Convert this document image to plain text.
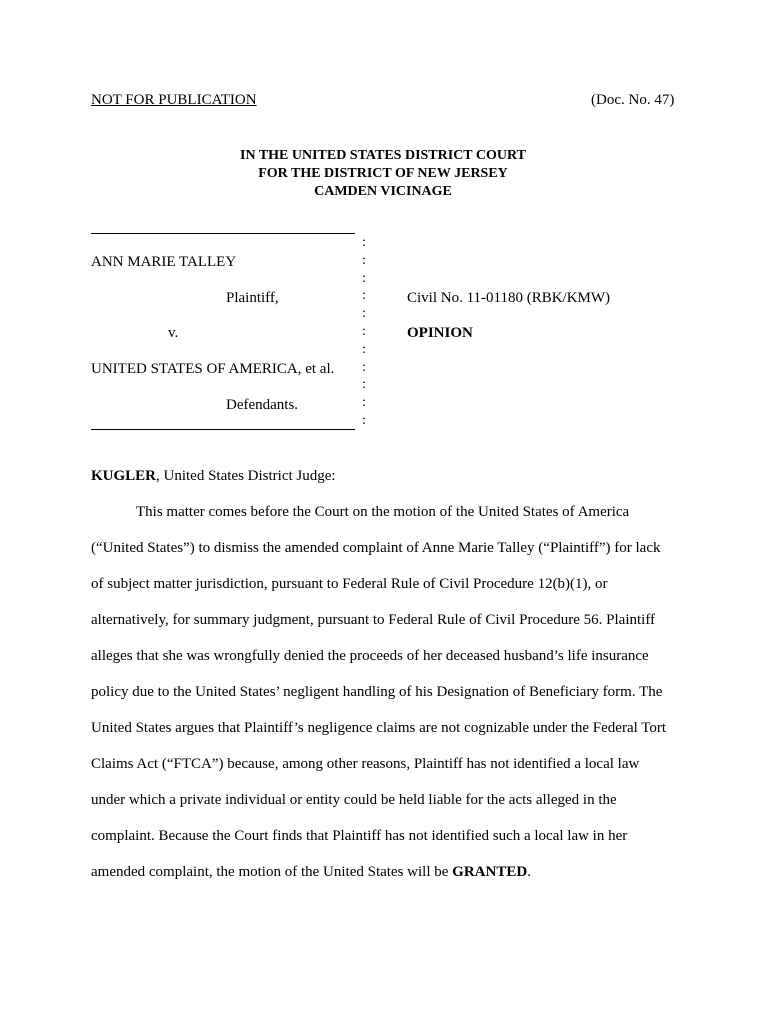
NOT FOR PUBLICATION	(Doc. No. 47)
IN THE UNITED STATES DISTRICT COURT
FOR THE DISTRICT OF NEW JERSEY
CAMDEN VICINAGE
:
:
:
:
:
:
:
:
:
:
:
ANN MARIE TALLEY
Plaintiff,
v.
UNITED STATES OF AMERICA, et al.
Defendants.
Civil No. 11-01180 (RBK/KMW)
OPINION
KUGLER, United States District Judge:
This matter comes before the Court on the motion of the United States of America
(“United States”) to dismiss the amended complaint of Anne Marie Talley (“Plaintiff”) for lack
of subject matter jurisdiction, pursuant to Federal Rule of Civil Procedure 12(b)(1), or
alternatively, for summary judgment, pursuant to Federal Rule of Civil Procedure 56. Plaintiff
alleges that she was wrongfully denied the proceeds of her deceased husband’s life insurance
policy due to the United States’ negligent handling of his Designation of Beneficiary form. The
United States argues that Plaintiff’s negligence claims are not cognizable under the Federal Tort
Claims Act (“FTCA”) because, among other reasons, Plaintiff has not identified a local law
under which a private individual or entity could be held liable for the acts alleged in the
complaint. Because the Court finds that Plaintiff has not identified such a local law in her
amended complaint, the motion of the United States will be GRANTED.
